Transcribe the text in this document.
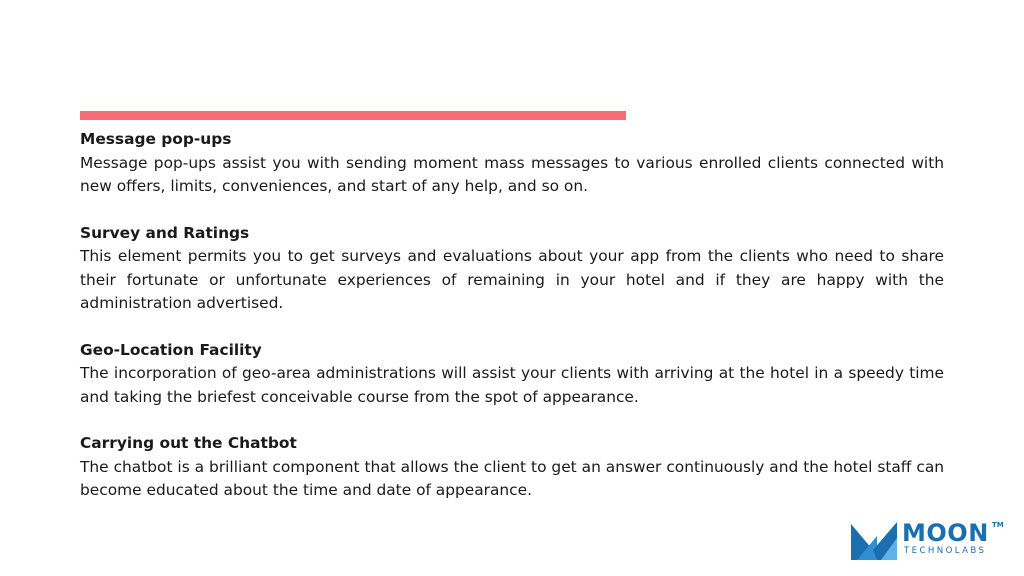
Message pop-ups

Message pop-ups assist you with sending moment mass messages to various enrolled clients connected with new offers, limits, conveniences, and start of any help, and so on.

Survey and Ratings

This element permits you to get surveys and evaluations about your app from the clients who need to share their fortunate or unfortunate experiences of remaining in your hotel and if they are happy with the administration advertised.

Geo-Location Facility

The incorporation of geo-area administrations will assist your clients with arriving at the hotel in a speedy time and taking the briefest conceivable course from the spot of appearance.

Carrying out the Chatbot

The chatbot is a brilliant component that allows the client to get an answer continuously and the hotel staff can become educated about the time and date of appearance.

MOON TM
TECHNOLABS
